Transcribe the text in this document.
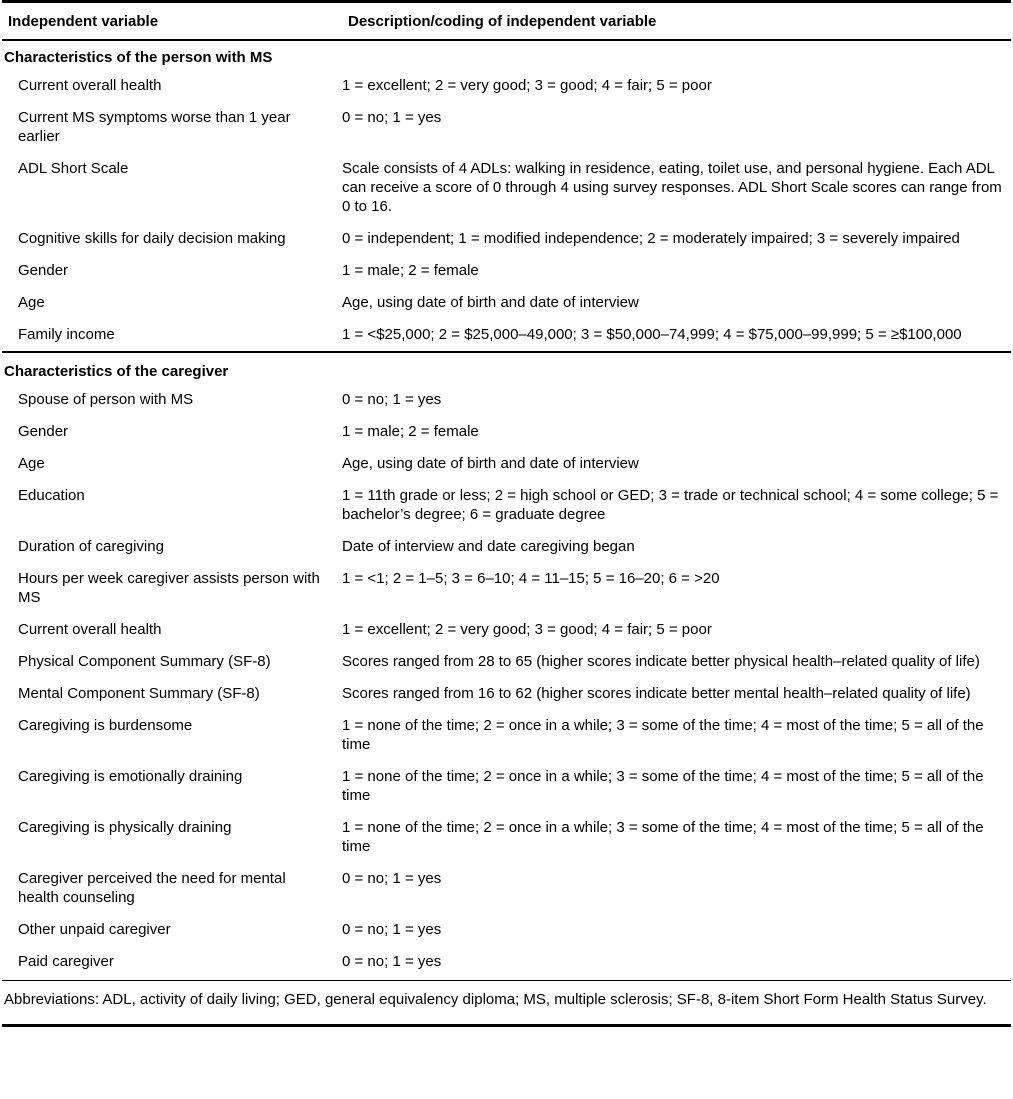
Independent variable	Description/coding of independent variable
Characteristics of the person with MS	
Current overall health	1 = excellent; 2 = very good; 3 = good; 4 = fair; 5 = poor
Current MS symptoms worse than 1 year earlier	0 = no; 1 = yes
ADL Short Scale	Scale consists of 4 ADLs: walking in residence, eating, toilet use, and personal hygiene. Each ADL can receive a score of 0 through 4 using survey responses. ADL Short Scale scores can range from 0 to 16.
Cognitive skills for daily decision making	0 = independent; 1 = modified independence; 2 = moderately impaired; 3 = severely impaired
Gender	1 = male; 2 = female
Age	Age, using date of birth and date of interview
Family income	1 = <$25,000; 2 = $25,000–49,000; 3 = $50,000–74,999; 4 = $75,000–99,999; 5 = ≥$100,000
Characteristics of the caregiver	
Spouse of person with MS	0 = no; 1 = yes
Gender	1 = male; 2 = female
Age	Age, using date of birth and date of interview
Education	1 = 11th grade or less; 2 = high school or GED; 3 = trade or technical school; 4 = some college; 5 = bachelor’s degree; 6 = graduate degree
Duration of caregiving	Date of interview and date caregiving began
Hours per week caregiver assists person with MS	1 = <1; 2 = 1–5; 3 = 6–10; 4 = 11–15; 5 = 16–20; 6 = >20
Current overall health	1 = excellent; 2 = very good; 3 = good; 4 = fair; 5 = poor
Physical Component Summary (SF-8)	Scores ranged from 28 to 65 (higher scores indicate better physical health–related quality of life)
Mental Component Summary (SF-8)	Scores ranged from 16 to 62 (higher scores indicate better mental health–related quality of life)
Caregiving is burdensome	1 = none of the time; 2 = once in a while; 3 = some of the time; 4 = most of the time; 5 = all of the time
Caregiving is emotionally draining	1 = none of the time; 2 = once in a while; 3 = some of the time; 4 = most of the time; 5 = all of the time
Caregiving is physically draining	1 = none of the time; 2 = once in a while; 3 = some of the time; 4 = most of the time; 5 = all of the time
Caregiver perceived the need for mental health counseling	0 = no; 1 = yes
Other unpaid caregiver	0 = no; 1 = yes
Paid caregiver	0 = no; 1 = yes
Abbreviations: ADL, activity of daily living; GED, general equivalency diploma; MS, multiple sclerosis; SF-8, 8-item Short Form Health Status Survey.
